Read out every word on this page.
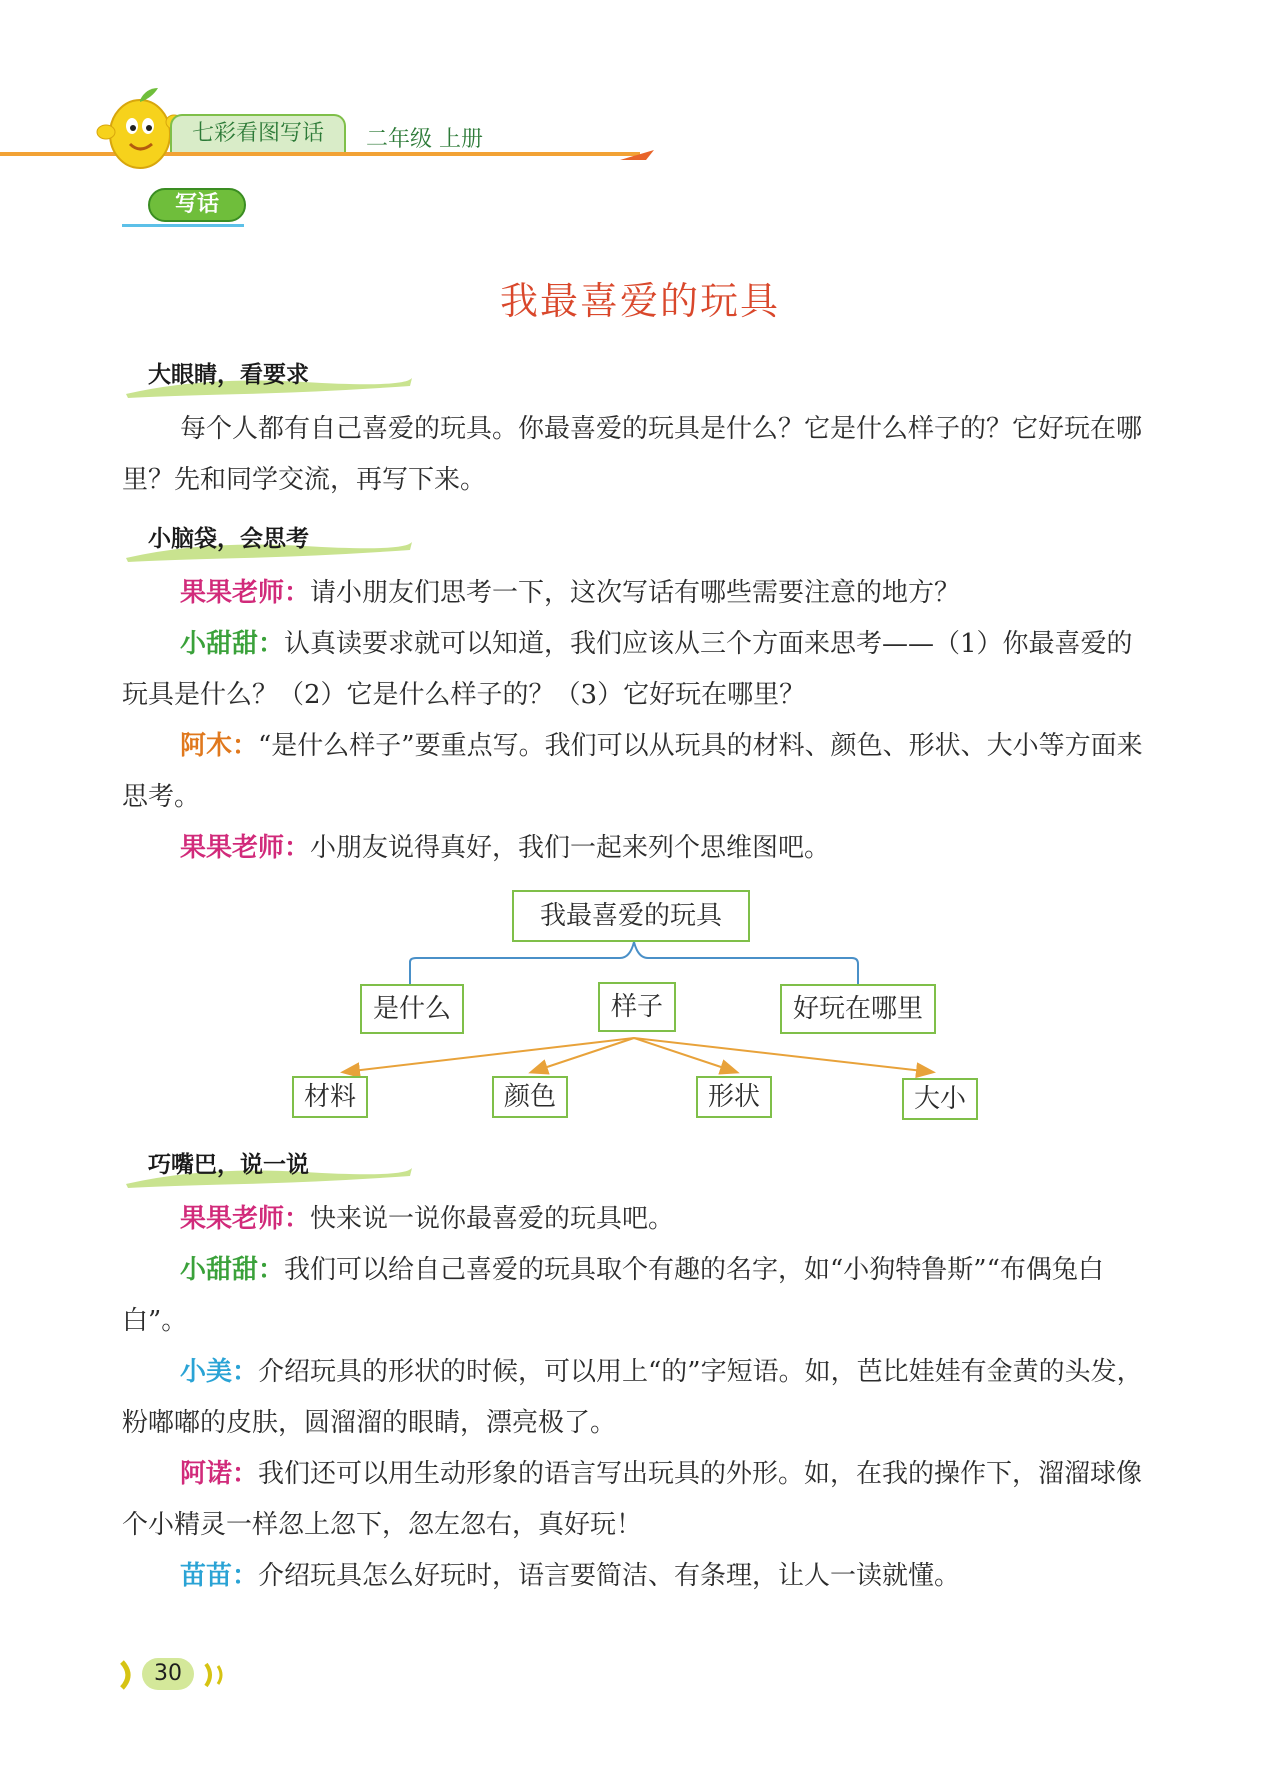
七彩看图写话	二年级 上册
写话
我最喜爱的玩具
大眼睛，看要求

每个人都有自己喜爱的玩具。你最喜爱的玩具是什么？它是什么样子的？它好玩在哪里？先和同学交流，再写下来。

小脑袋，会思考

果果老师：请小朋友们思考一下，这次写话有哪些需要注意的地方？

小甜甜：认真读要求就可以知道，我们应该从三个方面来思考——（1）你最喜爱的玩具是什么？（2）它是什么样子的？（3）它好玩在哪里？

阿木：“是什么样子”要重点写。我们可以从玩具的材料、颜色、形状、大小等方面来思考。

果果老师：小朋友说得真好，我们一起来列个思维图吧。

我最喜爱的玩具
是什么	样子	好玩在哪里
材料	颜色	形状	大小
巧嘴巴，说一说

果果老师：快来说一说你最喜爱的玩具吧。

小甜甜：我们可以给自己喜爱的玩具取个有趣的名字，如“小狗特鲁斯”“布偶兔白白”。

小美：介绍玩具的形状的时候，可以用上“的”字短语。如，芭比娃娃有金黄的头发，粉嘟嘟的皮肤，圆溜溜的眼睛，漂亮极了。

阿诺：我们还可以用生动形象的语言写出玩具的外形。如，在我的操作下，溜溜球像个小精灵一样忽上忽下，忽左忽右，真好玩！

苗苗：介绍玩具怎么好玩时，语言要简洁、有条理，让人一读就懂。

30
